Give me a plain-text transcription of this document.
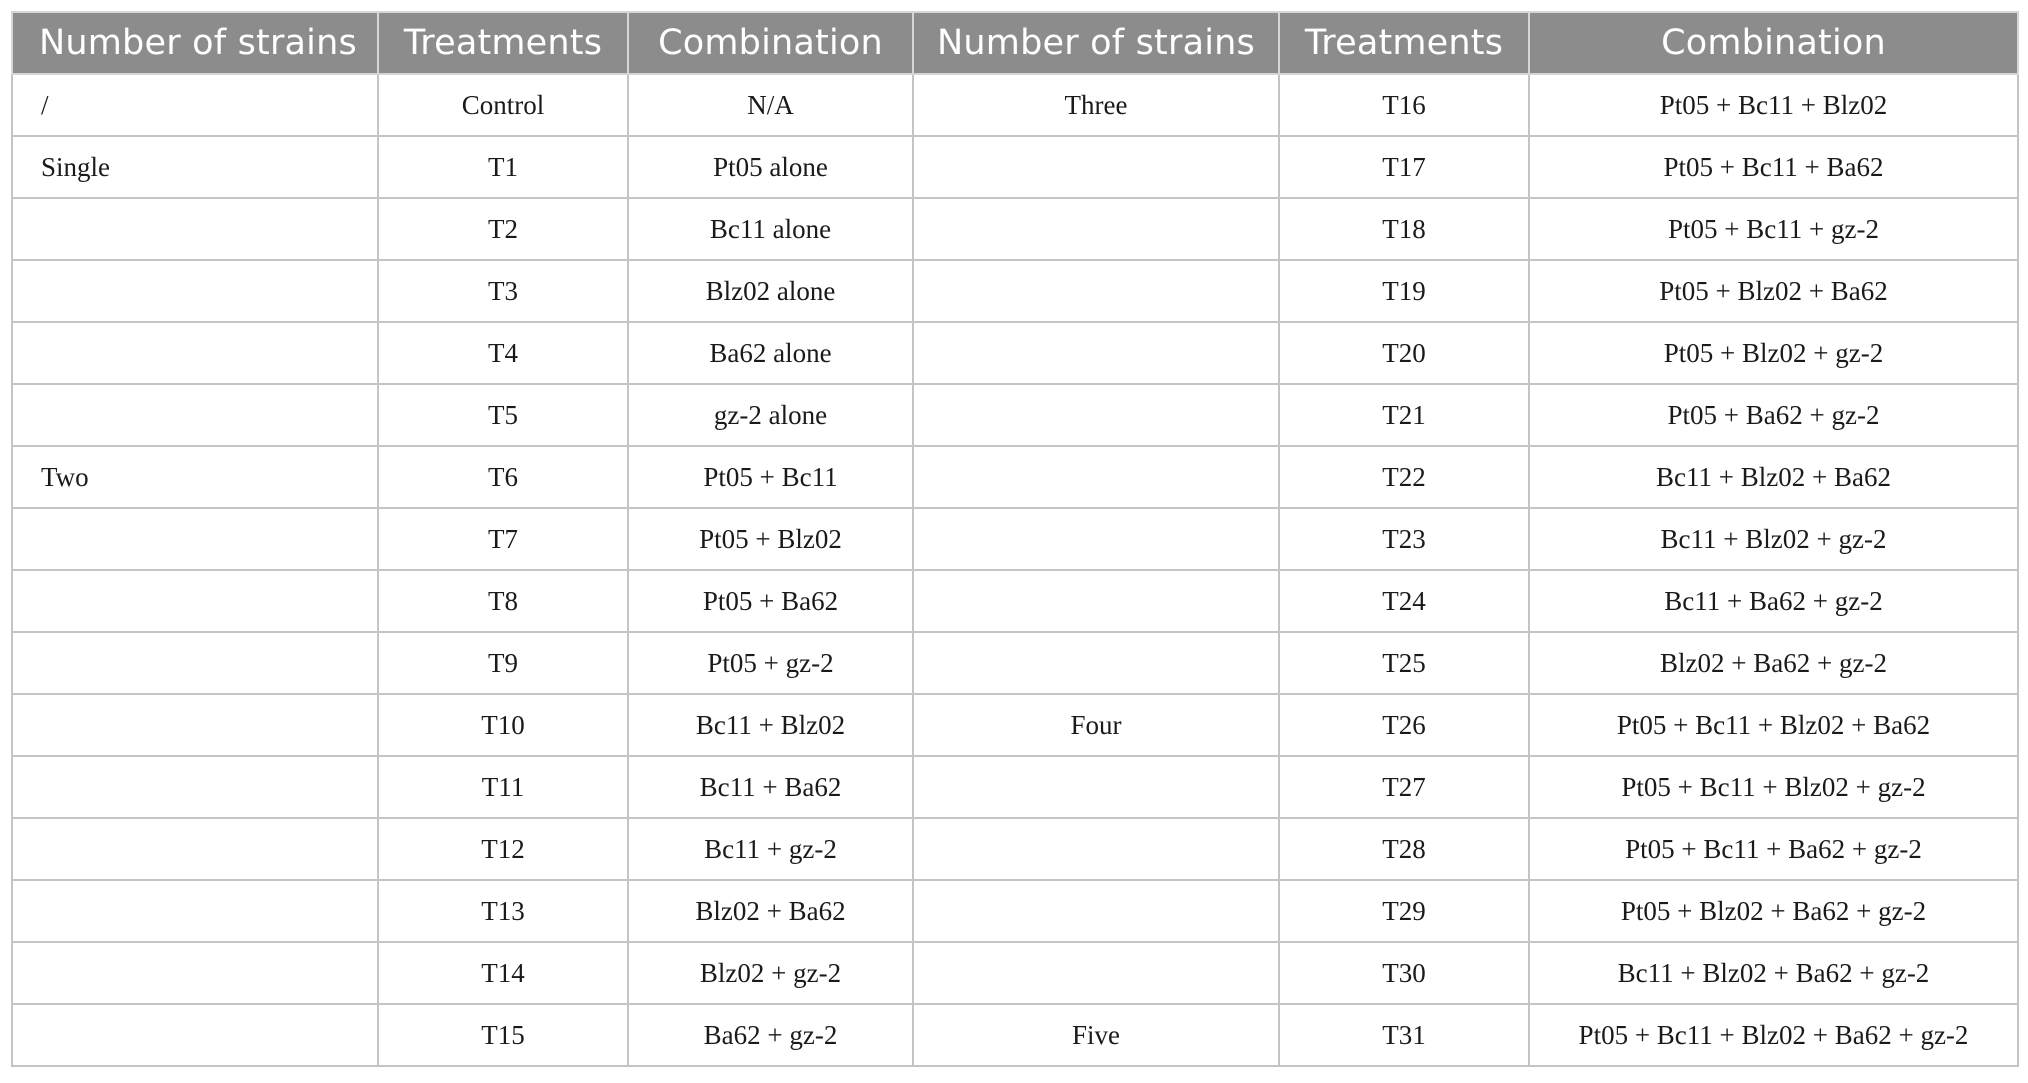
Number of strains	Treatments	Combination	Number of strains	Treatments	Combination
/	Control	N/A	Three	T16	Pt05 + Bc11 + Blz02
Single	T1	Pt05 alone		T17	Pt05 + Bc11 + Ba62
	T2	Bc11 alone		T18	Pt05 + Bc11 + gz-2
	T3	Blz02 alone		T19	Pt05 + Blz02 + Ba62
	T4	Ba62 alone		T20	Pt05 + Blz02 + gz-2
	T5	gz-2 alone		T21	Pt05 + Ba62 + gz-2
Two	T6	Pt05 + Bc11		T22	Bc11 + Blz02 + Ba62
	T7	Pt05 + Blz02		T23	Bc11 + Blz02 + gz-2
	T8	Pt05 + Ba62		T24	Bc11 + Ba62 + gz-2
	T9	Pt05 + gz-2		T25	Blz02 + Ba62 + gz-2
	T10	Bc11 + Blz02	Four	T26	Pt05 + Bc11 + Blz02 + Ba62
	T11	Bc11 + Ba62		T27	Pt05 + Bc11 + Blz02 + gz-2
	T12	Bc11 + gz-2		T28	Pt05 + Bc11 + Ba62 + gz-2
	T13	Blz02 + Ba62		T29	Pt05 + Blz02 + Ba62 + gz-2
	T14	Blz02 + gz-2		T30	Bc11 + Blz02 + Ba62 + gz-2
	T15	Ba62 + gz-2	Five	T31	Pt05 + Bc11 + Blz02 + Ba62 + gz-2
